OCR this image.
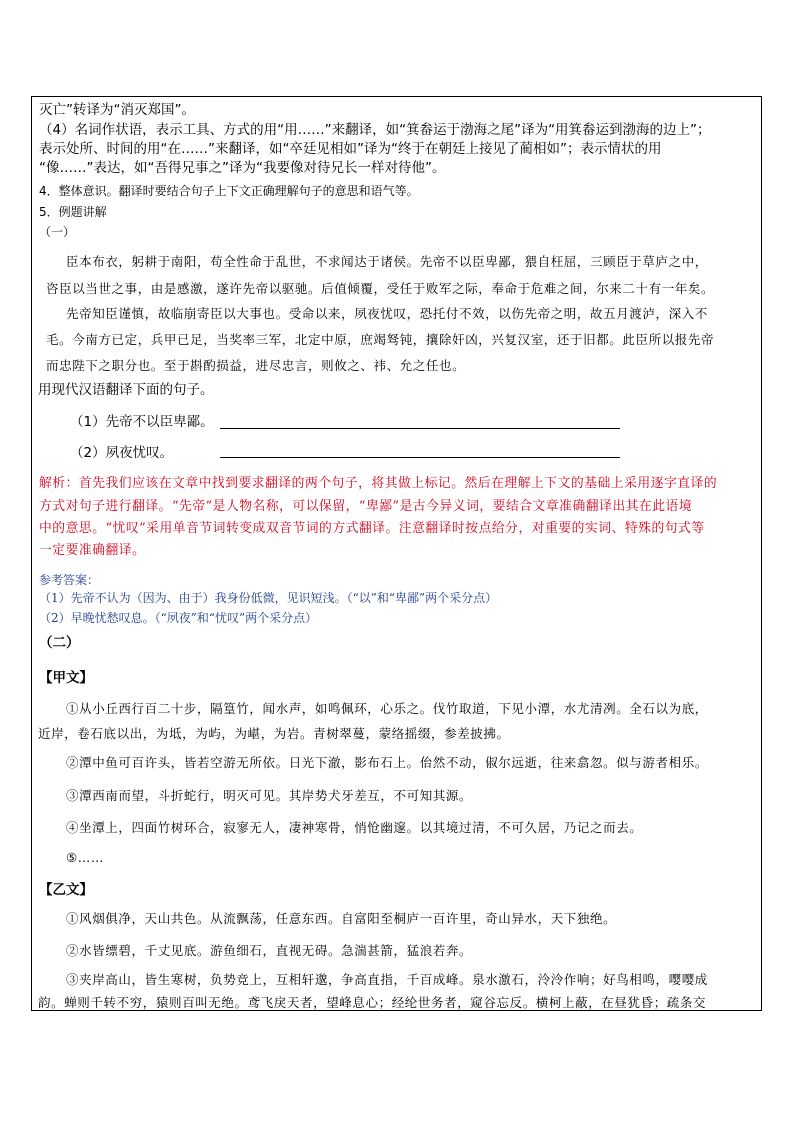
灭亡”转译为“消灭郑国”。
（4）名词作状语，表示工具、方式的用“用……”来翻译，如“箕畚运于渤海之尾”译为“用箕畚运到渤海的边上”；
表示处所、时间的用“在……”来翻译，如“卒廷见相如”译为“终于在朝廷上接见了蔺相如”；表示情状的用
“像……”表达，如“吾得兄事之”译为“我要像对待兄长一样对待他”。
4．整体意识。翻译时要结合句子上下文正确理解句子的意思和语气等。
5．例题讲解
（一）
臣本布衣，躬耕于南阳，苟全性命于乱世，不求闻达于诸侯。先帝不以臣卑鄙，猥自枉屈，三顾臣于草庐之中，
咨臣以当世之事，由是感激，遂许先帝以驱驰。后值倾覆，受任于败军之际，奉命于危难之间，尔来二十有一年矣。
先帝知臣谨慎，故临崩寄臣以大事也。受命以来，夙夜忧叹，恐托付不效，以伤先帝之明，故五月渡泸，深入不
毛。今南方已定，兵甲已足，当奖率三军，北定中原，庶竭驽钝，攘除奸凶，兴复汉室，还于旧都。此臣所以报先帝
而忠陛下之职分也。至于斟酌损益，进尽忠言，则攸之、祎、允之任也。
用现代汉语翻译下面的句子。
（1）先帝不以臣卑鄙。
（2）夙夜忧叹。
解析：首先我们应该在文章中找到要求翻译的两个句子，将其做上标记。然后在理解上下文的基础上采用逐字直译的
方式对句子进行翻译。“先帝”是人物名称，可以保留，“卑鄙”是古今异义词，要结合文章准确翻译出其在此语境
中的意思。“忧叹”采用单音节词转变成双音节词的方式翻译。注意翻译时按点给分，对重要的实词、特殊的句式等
一定要准确翻译。
参考答案：
（1）先帝不认为（因为、由于）我身份低微，见识短浅。（“以”和“卑鄙”两个采分点）
（2）早晚忧愁叹息。（“夙夜”和“忧叹”两个采分点）
（二）
【甲文】
①从小丘西行百二十步，隔篁竹，闻水声，如鸣佩环，心乐之。伐竹取道，下见小潭，水尤清冽。全石以为底，
近岸，卷石底以出，为坻，为屿，为嵁，为岩。青树翠蔓，蒙络摇缀，参差披拂。
②潭中鱼可百许头，皆若空游无所依。日光下澈，影布石上。佁然不动，俶尔远逝，往来翕忽。似与游者相乐。
③潭西南而望，斗折蛇行，明灭可见。其岸势犬牙差互，不可知其源。
④坐潭上，四面竹树环合，寂寥无人，凄神寒骨，悄怆幽邃。以其境过清，不可久居，乃记之而去。
⑤……
【乙文】
①风烟俱净，天山共色。从流飘荡，任意东西。自富阳至桐庐一百许里，奇山异水，天下独绝。
②水皆缥碧，千丈见底。游鱼细石，直视无碍。急湍甚箭，猛浪若奔。
③夹岸高山，皆生寒树，负势竞上，互相轩邈，争高直指，千百成峰。泉水激石，泠泠作响；好鸟相鸣，嘤嘤成
韵。蝉则千转不穷，猿则百叫无绝。鸢飞戾天者，望峰息心；经纶世务者，窥谷忘反。横柯上蔽，在昼犹昏；疏条交
